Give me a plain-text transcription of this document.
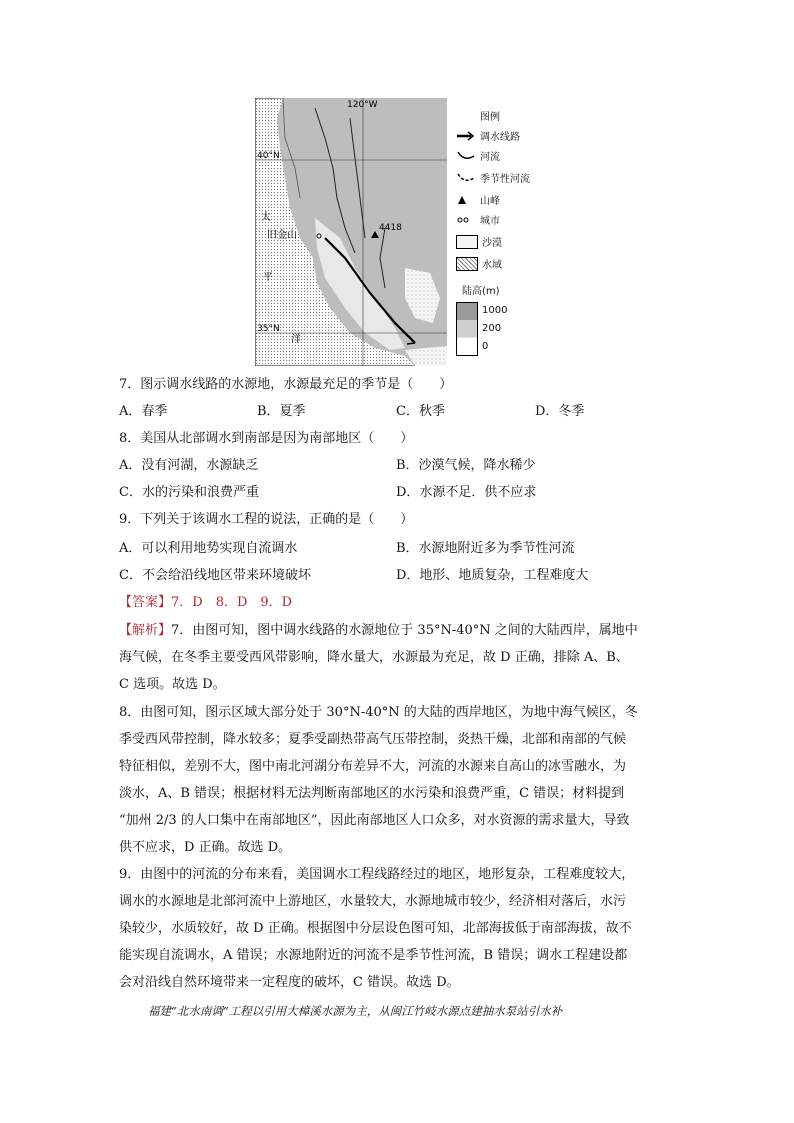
120°W
40°N
35°N
旧金山
4418
太
平
洋
图例
调水线路
河流
季节性河流
山峰
城市
沙漠
水域
陆高(m)
1000
200
0
7．图示调水线路的水源地，水源最充足的季节是（　　）
A．春季	B．夏季	C．秋季	D．冬季
8．美国从北部调水到南部是因为南部地区（　　）
A．没有河湖，水源缺乏	B．沙漠气候，降水稀少
C．水的污染和浪费严重	D．水源不足．供不应求
9．下列关于该调水工程的说法，正确的是（　　）
A．可以利用地势实现自流调水	B．水源地附近多为季节性河流
C．不会给沿线地区带来环境破坏	D．地形、地质复杂，工程难度大
【答案】7．D　8．D　9．D
【解析】7．由图可知，图中调水线路的水源地位于 35°N-40°N 之间的大陆西岸，属地中
海气候，在冬季主要受西风带影响，降水量大，水源最为充足，故 D 正确，排除 A、B、
C 选项。故选 D。
8．由图可知，图示区域大部分处于 30°N-40°N 的大陆的西岸地区，为地中海气候区，冬
季受西风带控制，降水较多；夏季受副热带高气压带控制，炎热干燥，北部和南部的气候
特征相似，差别不大，图中南北河湖分布差异不大，河流的水源来自高山的冰雪融水，为
淡水，A、B 错误；根据材料无法判断南部地区的水污染和浪费严重，C 错误；材料提到
“加州 2/3 的人口集中在南部地区”，因此南部地区人口众多，对水资源的需求量大，导致
供不应求，D 正确。故选 D。
9．由图中的河流的分布来看，美国调水工程线路经过的地区，地形复杂，工程难度较大，
调水的水源地是北部河流中上游地区，水量较大，水源地城市较少，经济相对落后，水污
染较少，水质较好，故 D 正确。根据图中分层设色图可知，北部海拔低于南部海拔，故不
能实现自流调水，A 错误；水源地附近的河流不是季节性河流，B 错误；调水工程建设都
会对沿线自然环境带来一定程度的破坏，C 错误。故选 D。
福建“北水南调”工程以引用大樟溪水源为主，从闽江竹岐水源点建抽水泵站引水补
